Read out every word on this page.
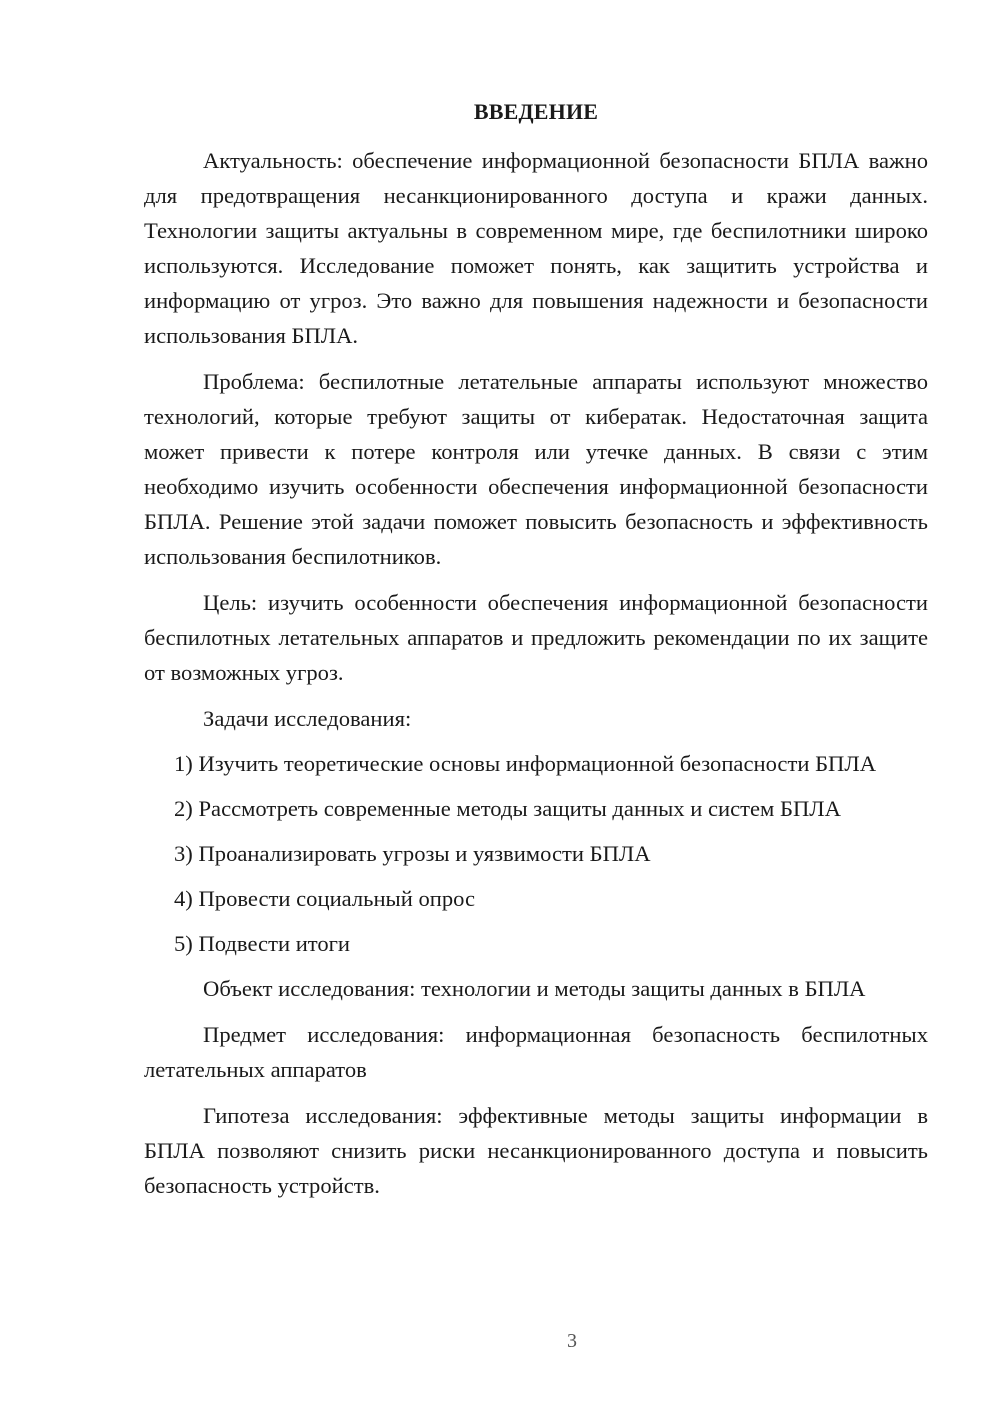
ВВЕДЕНИЕ

Актуальность: обеспечение информационной безопасности БПЛА важно для предотвращения несанкционированного доступа и кражи данных. Технологии защиты актуальны в современном мире, где беспилотники широко используются. Исследование поможет понять, как защитить устройства и информацию от угроз. Это важно для повышения надежности и безопасности использования БПЛА.

Проблема: беспилотные летательные аппараты используют множество технологий, которые требуют защиты от кибератак. Недостаточная защита может привести к потере контроля или утечке данных. В связи с этим необходимо изучить особенности обеспечения информационной безопасности БПЛА. Решение этой задачи поможет повысить безопасность и эффективность использования беспилотников.

Цель: изучить особенности обеспечения информационной безопасности беспилотных летательных аппаратов и предложить рекомендации по их защите от возможных угроз.

Задачи исследования:

1) Изучить теоретические основы информационной безопасности БПЛА

2) Рассмотреть современные методы защиты данных и систем БПЛА

3) Проанализировать угрозы и уязвимости БПЛА

4) Провести социальный опрос

5) Подвести итоги

Объект исследования: технологии и методы защиты данных в БПЛА

Предмет исследования: информационная безопасность беспилотных летательных аппаратов

Гипотеза исследования: эффективные методы защиты информации в БПЛА позволяют снизить риски несанкционированного доступа и повысить безопасность устройств.

3
